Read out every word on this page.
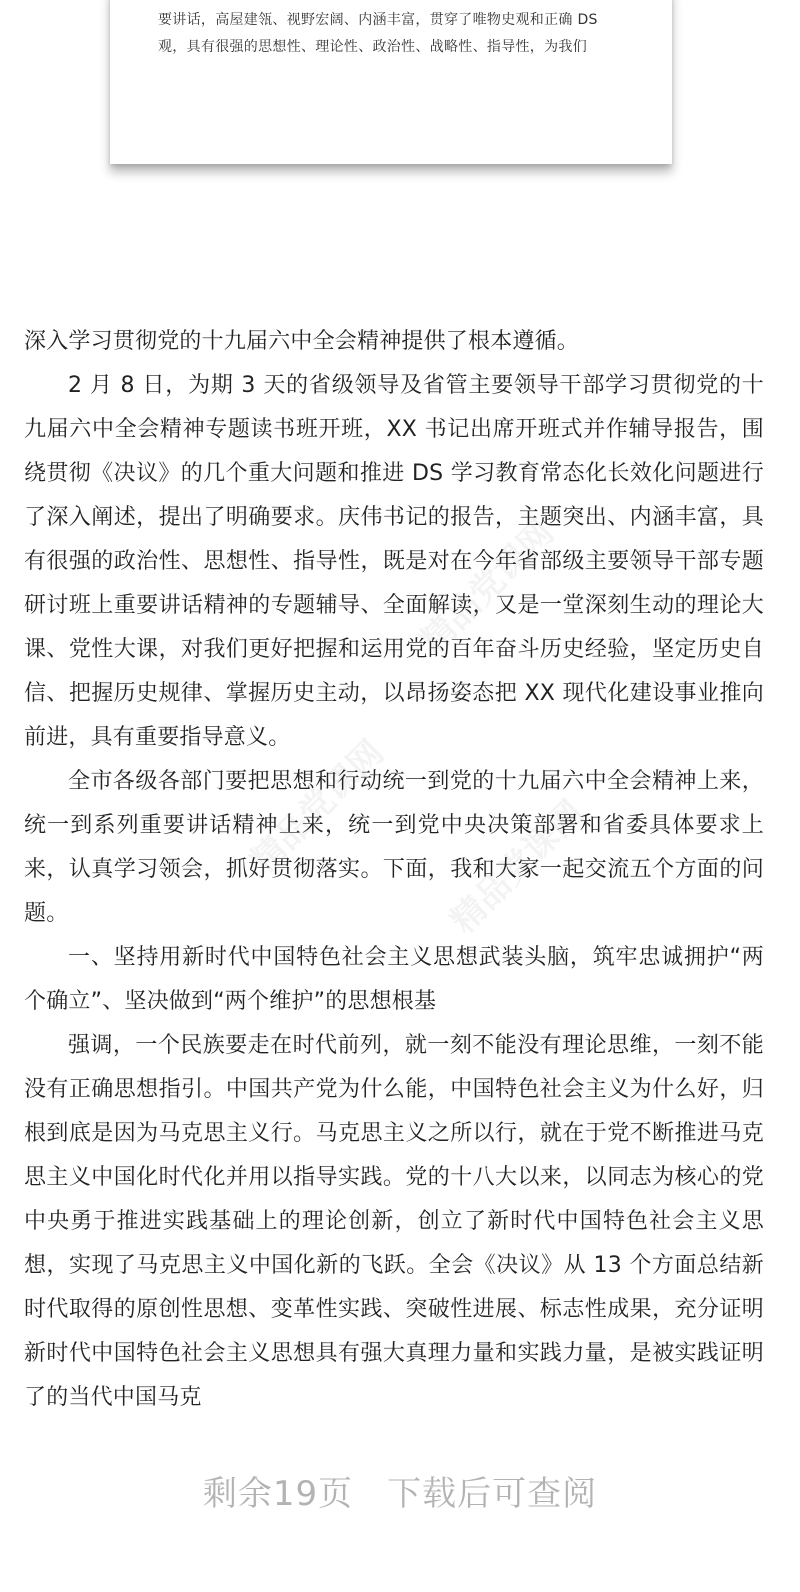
要讲话，高屋建瓴、视野宏阔、内涵丰富，贯穿了唯物史观和正确 DS

观，具有很强的思想性、理论性、政治性、战略性、指导性，为我们

精品党课网
精品党课网 精品党课网

深入学习贯彻党的十九届六中全会精神提供了根本遵循。

2 月 8 日，为期 3 天的省级领导及省管主要领导干部学习贯彻党的十九届六中全会精神专题读书班开班，XX 书记出席开班式并作辅导报告，围绕贯彻《决议》的几个重大问题和推进 DS 学习教育常态化长效化问题进行了深入阐述，提出了明确要求。庆伟书记的报告，主题突出、内涵丰富，具有很强的政治性、思想性、指导性，既是对在今年省部级主要领导干部专题研讨班上重要讲话精神的专题辅导、全面解读，又是一堂深刻生动的理论大课、党性大课，对我们更好把握和运用党的百年奋斗历史经验，坚定历史自信、把握历史规律、掌握历史主动，以昂扬姿态把 XX 现代化建设事业推向前进，具有重要指导意义。

全市各级各部门要把思想和行动统一到党的十九届六中全会精神上来，统一到系列重要讲话精神上来，统一到党中央决策部署和省委具体要求上来，认真学习领会，抓好贯彻落实。下面，我和大家一起交流五个方面的问题。

一、坚持用新时代中国特色社会主义思想武装头脑，筑牢忠诚拥护“两个确立”、坚决做到“两个维护”的思想根基

强调，一个民族要走在时代前列，就一刻不能没有理论思维，一刻不能没有正确思想指引。中国共产党为什么能，中国特色社会主义为什么好，归根到底是因为马克思主义行。马克思主义之所以行，就在于党不断推进马克思主义中国化时代化并用以指导实践。党的十八大以来，以同志为核心的党中央勇于推进实践基础上的理论创新，创立了新时代中国特色社会主义思想，实现了马克思主义中国化新的飞跃。全会《决议》从 13 个方面总结新时代取得的原创性思想、变革性实践、突破性进展、标志性成果，充分证明新时代中国特色社会主义思想具有强大真理力量和实践力量，是被实践证明了的当代中国马克

剩余19页 下载后可查阅
